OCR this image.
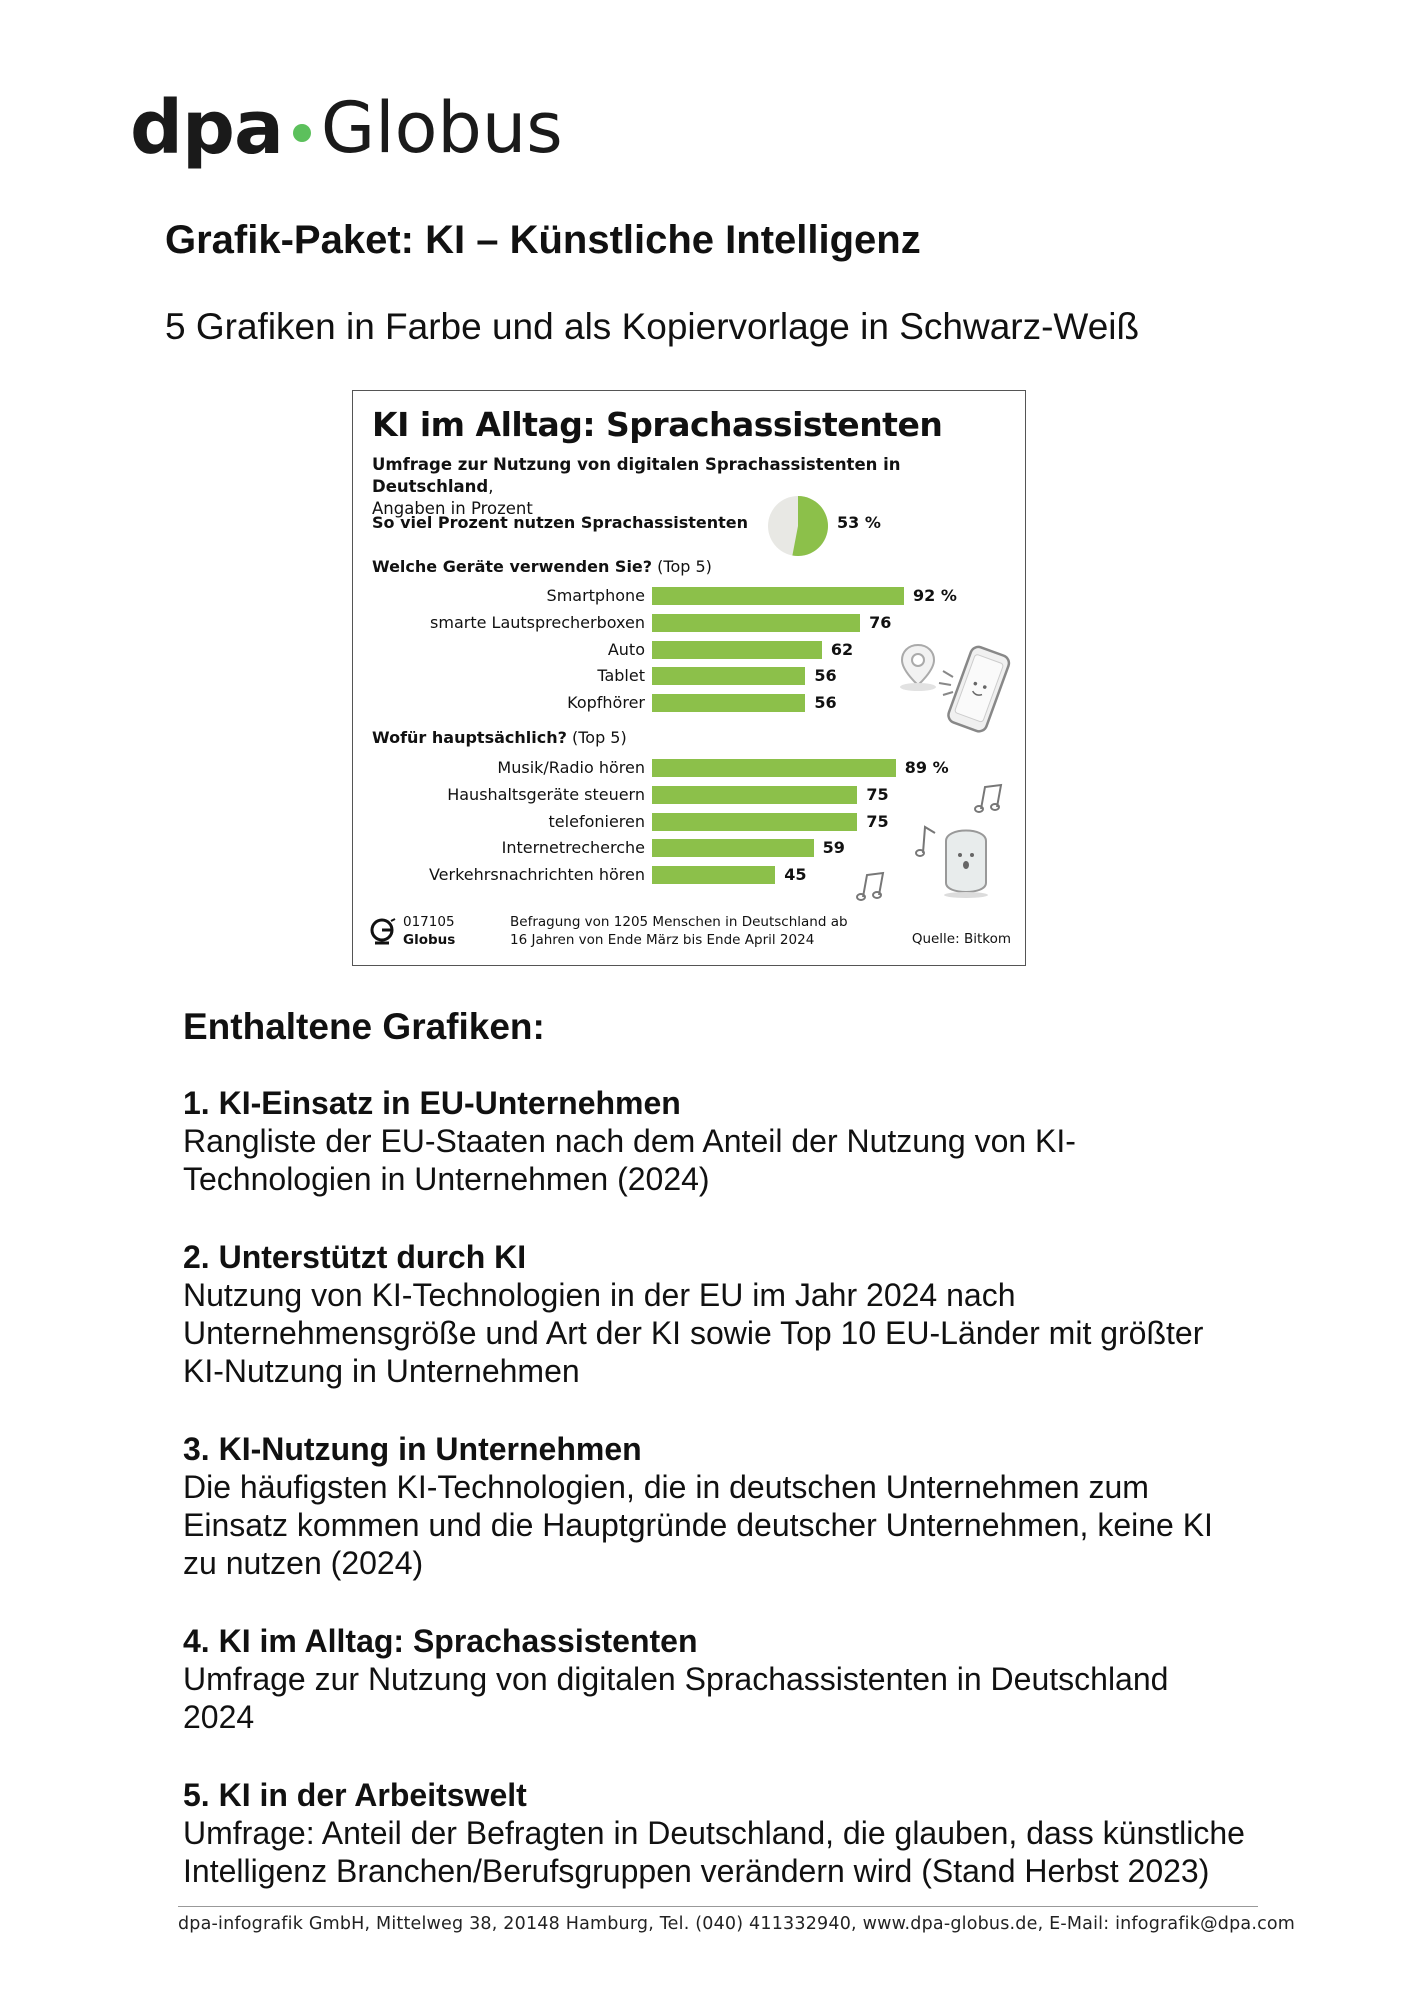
dpa Globus
Grafik-Paket: KI – Künstliche Intelligenz
5 Grafiken in Farbe und als Kopiervorlage in Schwarz-Weiß
KI im Alltag: Sprachassistenten
Umfrage zur Nutzung von digitalen Sprachassistenten in Deutschland,
Angaben in Prozent
So viel Prozent nutzen Sprachassistenten	53 %
Welche Geräte verwenden Sie? (Top 5)
Smartphone	92 %
smarte Lautsprecherboxen	76
Auto	62
Tablet	56
Kopfhörer	56
Wofür hauptsächlich? (Top 5)
Musik/Radio hören	89 %
Haushaltsgeräte steuern	75
telefonieren	75
Internetrecherche	59
Verkehrsnachrichten hören	45
017105
Globus
Befragung von 1205 Menschen in Deutschland ab
16 Jahren von Ende März bis Ende April 2024	Quelle: Bitkom
Enthaltene Grafiken:
1. KI-Einsatz in EU-Unternehmen
Rangliste der EU-Staaten nach dem Anteil der Nutzung von KI-
Technologien in Unternehmen (2024)
2. Unterstützt durch KI
Nutzung von KI-Technologien in der EU im Jahr 2024 nach
Unternehmensgröße und Art der KI sowie Top 10 EU-Länder mit größter
KI-Nutzung in Unternehmen
3. KI-Nutzung in Unternehmen
Die häufigsten KI-Technologien, die in deutschen Unternehmen zum
Einsatz kommen und die Hauptgründe deutscher Unternehmen, keine KI
zu nutzen (2024)
4. KI im Alltag: Sprachassistenten
Umfrage zur Nutzung von digitalen Sprachassistenten in Deutschland
2024
5. KI in der Arbeitswelt
Umfrage: Anteil der Befragten in Deutschland, die glauben, dass künstliche
Intelligenz Branchen/Berufsgruppen verändern wird (Stand Herbst 2023)
dpa-infografik GmbH, Mittelweg 38, 20148 Hamburg, Tel. (040) 411332940, www.dpa-globus.de, E-Mail: infografik@dpa.com
